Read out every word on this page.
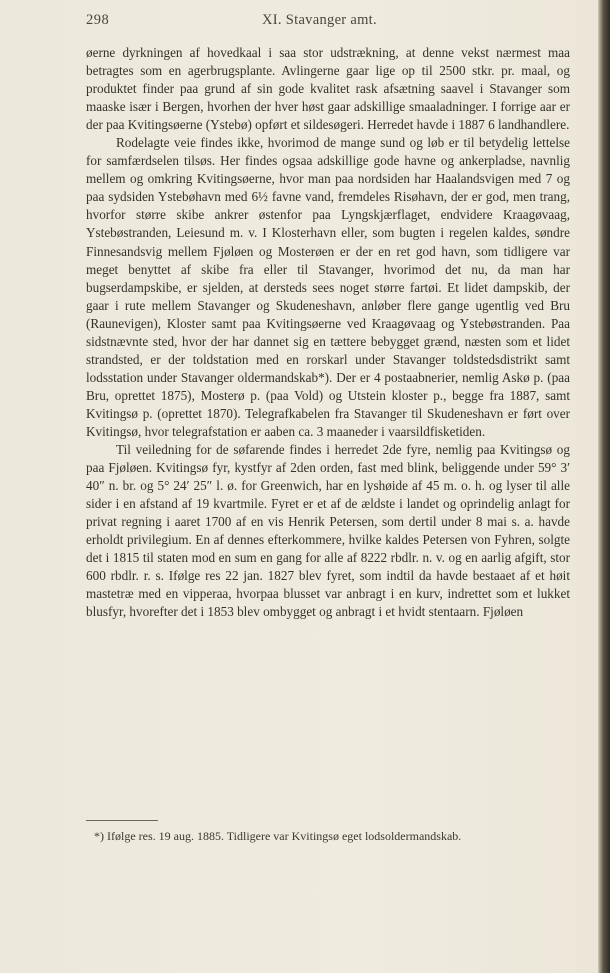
298	XI. Stavanger amt.

øerne dyrkningen af hovedkaal i saa stor udstrækning, at denne vekst nærmest maa betragtes som en agerbrugsplante. Avlingerne gaar lige op til 2500 stkr. pr. maal, og produktet finder paa grund af sin gode kvalitet rask afsætning saavel i Stavanger som maaske især i Bergen, hvorhen der hver høst gaar adskillige smaaladninger. I forrige aar er der paa Kvitingsøerne (Ystebø) opført et sildesøgeri. Herredet havde i 1887 6 landhandlere.

Rodelagte veie findes ikke, hvorimod de mange sund og løb er til betydelig lettelse for samfærdselen tilsøs. Her findes ogsaa adskillige gode havne og ankerpladse, navnlig mellem og omkring Kvitingsøerne, hvor man paa nordsiden har Haalandsvigen med 7 og paa sydsiden Ystebøhavn med 6½ favne vand, fremdeles Risøhavn, der er god, men trang, hvorfor større skibe ankrer østenfor paa Lyngskjærflaget, endvidere Kraagøvaag, Ystebøstranden, Leiesund m. v. I Klosterhavn eller, som bugten i regelen kaldes, søndre Finnesandsvig mellem Fjøløen og Mosterøen er der en ret god havn, som tidligere var meget benyttet af skibe fra eller til Stavanger, hvorimod det nu, da man har bugserdampskibe, er sjelden, at dersteds sees noget større fartøi. Et lidet dampskib, der gaar i rute mellem Stavanger og Skudeneshavn, anløber flere gange ugentlig ved Bru (Raunevigen), Kloster samt paa Kvitingsøerne ved Kraagøvaag og Ystebøstranden. Paa sidstnævnte sted, hvor der har dannet sig en tættere bebygget grænd, næsten som et lidet strandsted, er der toldstation med en rorskarl under Stavanger toldstedsdistrikt samt lodsstation under Stavanger oldermandskab*). Der er 4 postaabnerier, nemlig Askø p. (paa Bru, oprettet 1875), Mosterø p. (paa Vold) og Utstein kloster p., begge fra 1887, samt Kvitingsø p. (oprettet 1870). Telegrafkabelen fra Stavanger til Skudeneshavn er ført over Kvitingsø, hvor telegrafstation er aaben ca. 3 maaneder i vaarsildfisketiden.

Til veiledning for de søfarende findes i herredet 2de fyre, nemlig paa Kvitingsø og paa Fjøløen. Kvitingsø fyr, kystfyr af 2den orden, fast med blink, beliggende under 59° 3′ 40″ n. br. og 5° 24′ 25″ l. ø. for Greenwich, har en lyshøide af 45 m. o. h. og lyser til alle sider i en afstand af 19 kvartmile. Fyret er et af de ældste i landet og oprindelig anlagt for privat regning i aaret 1700 af en vis Henrik Petersen, som dertil under 8 mai s. a. havde erholdt privilegium. En af dennes efterkommere, hvilke kaldes Petersen von Fyhren, solgte det i 1815 til staten mod en sum en gang for alle af 8222 rbdlr. n. v. og en aarlig afgift, stor 600 rbdlr. r. s. Ifølge res 22 jan. 1827 blev fyret, som indtil da havde bestaaet af et høit mastetræ med en vipperaa, hvorpaa blusset var anbragt i en kurv, indrettet som et lukket blusfyr, hvorefter det i 1853 blev ombygget og anbragt i et hvidt stentaarn. Fjøløen

*) Ifølge res. 19 aug. 1885. Tidligere var Kvitingsø eget lodsoldermandskab.
